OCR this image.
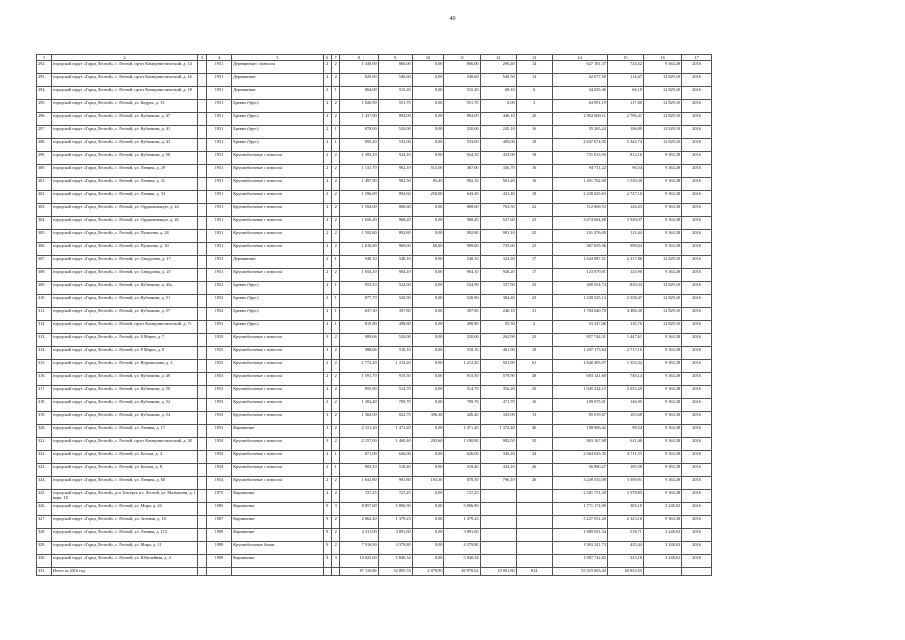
40
1	2	3	4	5	6	7	8	9	10	11	12	13	14	15	16	17
292.	городской округ «Город Лесной», г. Лесной, пр-кт Коммунистический, д. 14		1951	Деревянные с износом	2	2	1 449,00	866,00	0,00	866,00	290,40	14	627 181,37	723,52	9 363,38	2016
293.	городской округ «Город Лесной», г. Лесной, пр-кт Коммунистический, д. 16		1951	Деревянные	2	2	820,00	546,60	0,00	546,60	549,50	14	62 677,58	114,67	12 829,10	2016
294.	городской округ «Город Лесной», г. Лесной, пр-кт Коммунистический, д. 18		1951	Деревянные	2	1	864,00	515,20	0,00	515,20	68,10	6	34 035,46	66,18	12 829,10	2016
295.	городской округ «Город Лесной», г. Лесной, ул. Кедрах, д. 15		1951	Бревно (брус)	2	2	1 026,90	551,70	0,00	551,70	0,00	3	64 991,19	117,80	12 829,10	2016
296.	городской округ «Город Лесной», г. Лесной, ул. Кубзикова, д. 47		1951	Бревно (брус)	2	2	1 437,90	894,00	0,00	894,00	446,10	20	2 902 600,11	2 796,41	12 829,10	2016
297.	городской округ «Город Лесной», г. Лесной, ул. Кубзикова, д. 41		1951	Бревно (брус)	2	1	878,00	520,00	0,00	520,00	245,10	16	55 265,24	106,09	12 829,10	2016
298.	городской округ «Город Лесной», г. Лесной, ул. Кубзикова, д. 43		1951	Бревно (брус)	2	1	895,20	533,00	0,00	533,00	409,00	18	2 847 674,05	5 342,74	12 829,10	2016
299.	городской округ «Город Лесной», г. Лесной, ул. Кубзикова, д. 58		1951	Крупноблочные с износом	2	2	1 393,10	924,10	0,00	924,10	433,00	18	751 013,93	812,16	9 363,38	2016
300.	городской округ «Город Лесной», г. Лесной, ул. Ленина, д. 29		1951	Крупноблочные с износом	2	2	1 131,70	982,10	515,00	467,00	336,70	16	94 711,22	96,54	9 363,38	2016
301.	городской округ «Город Лесной», г. Лесной, ул. Ленина, д. 31		1951	Крупноблочные с износом	2	2	1 497,50	982,50	83,40	982,10	591,20	16	1 491 762,00	1 539,30	9 363,38	2016
302.	городской округ «Город Лесной», г. Лесной, ул. Ленина, д. 33		1951	Крупноблочные с износом	2	2	1 596,00	894,60	250,00	643,30	431,40	18	2 438 025,63	2 727,10	9 363,38	2016
303.	городской округ «Город Лесной», г. Лесной, ул. Орджоникидзе, д. 24		1951	Крупноблочные с износом	2	2	1 594,00	868,60	0,00	868,60	763,50	22	112 669,53	126,03	9 363,38	2016
304.	городской округ «Город Лесной», г. Лесной, ул. Орджоникидзе, д. 26		1951	Крупноблочные с износом	2	2	1 656,20	968,20	0,00	968,20	527,60	23	3 674 664,68	3 920,07	9 363,38	2016
305.	городской округ «Город Лесной», г. Лесной, ул. Пушкина, д. 28		1951	Крупноблочные с износом	2	2	1 592,80	892,80	0,00	892,80	991,10	25	101 276,00	113,44	9 363,38	2016
306.	городской округ «Город Лесной», г. Лесной, ул. Пушкина, д. 30		1951	Крупноблочные с износом	2	2	1 610,60	969,60	60,00	909,60	735,60	23	967 655,96	998,04	9 363,38	2016
307.	городской округ «Город Лесной», г. Лесной, ул. Свердлова, д. 17		1951	Деревянные	2	1	940,10	548,10	0,00	548,10	322,30	17	1 634 087,51	2 317,86	12 829,10	2016
308.	городской округ «Город Лесной», г. Лесной, ул. Свердлова, д. 25		1951	Крупноблочные с износом	2	2	1 654,10	904,10	0,00	904,10	926,20	17	123 879,91	125,96	9 363,38	2016
309.	городской округ «Город Лесной», г. Лесной, ул. Кубзикова, д. 45а		1952	Бревно (брус)	2	1	853,10	524,90	0,00	524,90	337,90	23	490 054,74	839,33	12 829,10	2016
310.	городской округ «Город Лесной», г. Лесной, ул. Кубзикова, д. 51		1952	Бревно (брус)	2	1	877,70	520,90	0,00	520,90	384,40	23	1 228 525,14	2 358,47	12 829,10	2016
311.	городской округ «Город Лесной», г. Лесной, ул. Кубзикова, д. 57		1952	Бревно (брус)	2	1	637,30	397,80	0,00	397,80	246,10	21	1 784 640,70	4 486,30	12 829,10	2016
312.	городской округ «Город Лесной», г. Лесной, пр-кт Коммунистический, д. 7г		1953	Бревно (брус)	2	1	819,80	498,80	0,00	498,80	85,50	2	53 247,06	110,76	12 829,10	2016
313.	городской округ «Город Лесной», г. Лесной, ул. 8 Марта, д. 7		1953	Крупноблочные с износом	3	2	909,66	520,00	0,00	520,00	262,90	23	957 744,31	1 447,61	9 363,38	2016
314.	городской округ «Город Лесной», г. Лесной, ул. 8 Марта, д. 8		1953	Крупноблочные с износом	3	2	988,66	518,10	0,00	518,10	461,90	18	1 407 173,64	2 717,16	9 363,38	2016
315.	городской округ «Город Лесной», г. Лесной, ул. Ворошилова, д. 3		1953	Крупноблочные с износом	2	2	1 772,20	1 212,20	0,00	1 212,20	501,90	61	1 640 495,07	1 353,32	9 363,38	2016
316.	городской округ «Город Лесной», г. Лесной, ул. Кубзикова, д. 48		1953	Крупноблочные с износом	2	2	1 591,70	915,50	0,00	915,50	579,90	48	683 141,60	746,14	9 363,38	2016
317.	городской округ «Город Лесной», г. Лесной, ул. Кубзикова, д. 50		1953	Крупноблочные с износом	2	2	895,90	514,70	0,00	514,70	356,20	20	1 049 334,13	2 033,29	9 363,38	2016
318.	городской округ «Город Лесной», г. Лесной, ул. Кубзикова, д. 52		1953	Крупноблочные с износом	2	2	1 382,40	709,70	0,00	709,70	471,70	16	109 675,01	146,95	9 363,38	2016
319.	городской округ «Город Лесной», г. Лесной, ул. Кубзикова, д. 54		1953	Крупноблочные с износом	3	2	1 384,00	822,70	396,30	426,40	335,00	13	85 019,67	103,68	9 363,38	2016
320.	городской округ «Город Лесной», г. Лесной, ул. Ленина, д. 17		1953	Кирпичные	3	2	2 151,20	1 471,20	0,00	1 471,20	1 372,40	46	198 906,42	98,54	9 363,38	2016
321.	городской округ «Город Лесной», г. Лесной, пр-кт Коммунистический, д. 38		1954	Крупноблочные с износом	3	2	2 157,00	1 469,40	283,60	1 180,80	982,50	35	903 167,68	611,40	9 363,38	2016
322.	городской округ «Город Лесной», г. Лесной, ул. Белова, д. 4		1954	Крупноблочные с износом	2	1	871,00	626,00	0,00	626,00	345,20	24	2 664 625,35	4 711,53	9 363,38	2016
323.	городской округ «Город Лесной», г. Лесной, ул. Белова, д. 8		1954	Крупноблочные с износом	2	1	903,10	518,40	0,00	518,40	432,10	26	56 900,27	109,58	9 363,38	2016
324.	городской округ «Город Лесной», г. Лесной, ул. Ленина, д. 60		1954	Крупноблочные с износом	2	2	1 641,80	981,80	103,30	878,50	796,10	26	3 249 535,08	3 309,91	9 363,38	2016
325.	городской округ «Город Лесной», р.п. Бисерть и г. Лесной, ул. Малышева, д. 1 корп. 18		1975	Кирпичные	2	2	727,25	727,25	0,00	727,25			2 581 751,30	3 578,85	9 363,38	2016
326.	городской округ «Город Лесной», г. Лесной, ул. Мира, д. 44		1985	Кирпичные	9	3	8 857,60	5 806,90	0,00	5 806,90			1 771 174,90	305,18	3 248,02	2016
327.	городской округ «Город Лесной», г. Лесной, ул. Зеленая, д. 16		1987	Кирпичные	9	2	2 862,20	1 379,23	0,00	1 379,23			3 227 031,20	2 323,16	9 363,38	2016
328.	городской округ «Город Лесной», г. Лесной, ул. Ленина, д. 113		1989	Кирпичные	9	2	4 311,00	3 891,60	0,00	3 891,60			1 889 031,34	518,71	3 248,02	2016
329.	городской округ «Город Лесной», г. Лесной, ул. Мира, д. 11		1989	Крупноблочные блоки	9	2	7 916,90	4 379,80	0,00	4 379,80			1 903 241,73	435,44	3 248,02	2016
330.	городской округ «Город Лесной», г. Лесной, ул. Юбилейная, д. 4		1989	Кирпичные	9	3	10 025,00	5 840,34	0,00	5 840,34			1 887 742,82	323,18	3 248,02	2016
331.	Итого за 2016 год						87 110,86	52 895,53	2 879,90	49 978,62	19 001,80	814	55 319 063,44	69 853,55		
